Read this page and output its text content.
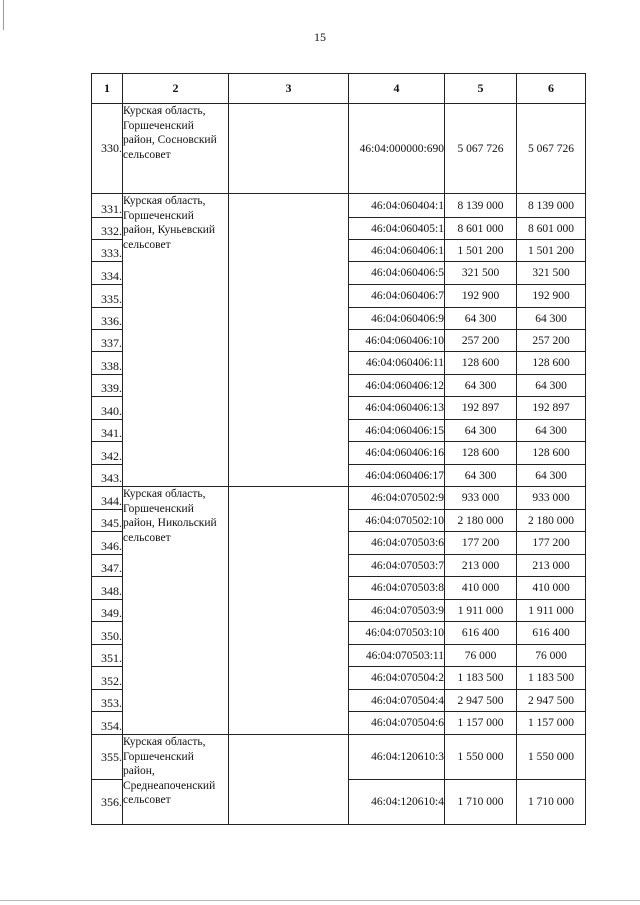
15
1	2	3	4	5	6
330.	Курская область, Горшеченский район, Сосновский сельсовет		46:04:000000:690	5 067 726	5 067 726
331.	Курская область, Горшеченский район, Куньевский сельсовет		46:04:060404:1	8 139 000	8 139 000
332.			46:04:060405:1	8 601 000	8 601 000
333.			46:04:060406:1	1 501 200	1 501 200
334.			46:04:060406:5	321 500	321 500
335.			46:04:060406:7	192 900	192 900
336.			46:04:060406:9	64 300	64 300
337.			46:04:060406:10	257 200	257 200
338.			46:04:060406:11	128 600	128 600
339.			46:04:060406:12	64 300	64 300
340.			46:04:060406:13	192 897	192 897
341.			46:04:060406:15	64 300	64 300
342.			46:04:060406:16	128 600	128 600
343.			46:04:060406:17	64 300	64 300
344.	Курская область, Горшеченский район, Никольский сельсовет		46:04:070502:9	933 000	933 000
345.			46:04:070502:10	2 180 000	2 180 000
346.			46:04:070503:6	177 200	177 200
347.			46:04:070503:7	213 000	213 000
348.			46:04:070503:8	410 000	410 000
349.			46:04:070503:9	1 911 000	1 911 000
350.			46:04:070503:10	616 400	616 400
351.			46:04:070503:11	76 000	76 000
352.			46:04:070504:2	1 183 500	1 183 500
353.			46:04:070504:4	2 947 500	2 947 500
354.			46:04:070504:6	1 157 000	1 157 000
355.	Курская область, Горшеченский район, Среднеапоченский сельсовет		46:04:120610:3	1 550 000	1 550 000
356.			46:04:120610:4	1 710 000	1 710 000
